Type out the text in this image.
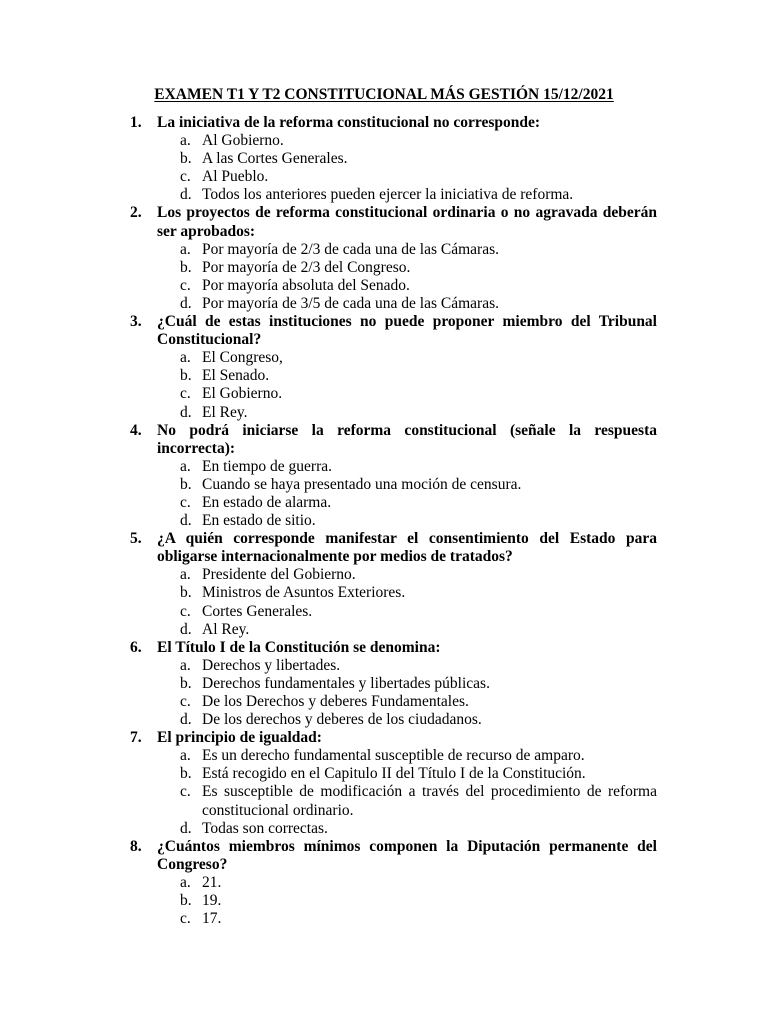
EXAMEN T1 Y T2 CONSTITUCIONAL MÁS GESTIÓN 15/12/2021
1. La iniciativa de la reforma constitucional no corresponde:
a. Al Gobierno.
b. A las Cortes Generales.
c. Al Pueblo.
d. Todos los anteriores pueden ejercer la iniciativa de reforma.
2. Los proyectos de reforma constitucional ordinaria o no agravada deberán ser aprobados:
a. Por mayoría de 2/3 de cada una de las Cámaras.
b. Por mayoría de 2/3 del Congreso.
c. Por mayoría absoluta del Senado.
d. Por mayoría de 3/5 de cada una de las Cámaras.
3. ¿Cuál de estas instituciones no puede proponer miembro del Tribunal Constitucional?
a. El Congreso,
b. El Senado.
c. El Gobierno.
d. El Rey.
4. No podrá iniciarse la reforma constitucional (señale la respuesta incorrecta):
a. En tiempo de guerra.
b. Cuando se haya presentado una moción de censura.
c. En estado de alarma.
d. En estado de sitio.
5. ¿A quién corresponde manifestar el consentimiento del Estado para obligarse internacionalmente por medios de tratados?
a. Presidente del Gobierno.
b. Ministros de Asuntos Exteriores.
c. Cortes Generales.
d. Al Rey.
6. El Título I de la Constitución se denomina:
a. Derechos y libertades.
b. Derechos fundamentales y libertades públicas.
c. De los Derechos y deberes Fundamentales.
d. De los derechos y deberes de los ciudadanos.
7. El principio de igualdad:
a. Es un derecho fundamental susceptible de recurso de amparo.
b. Está recogido en el Capitulo II del Título I de la Constitución.
c. Es susceptible de modificación a través del procedimiento de reforma constitucional ordinario.
d. Todas son correctas.
8. ¿Cuántos miembros mínimos componen la Diputación permanente del Congreso?
a. 21.
b. 19.
c. 17.
